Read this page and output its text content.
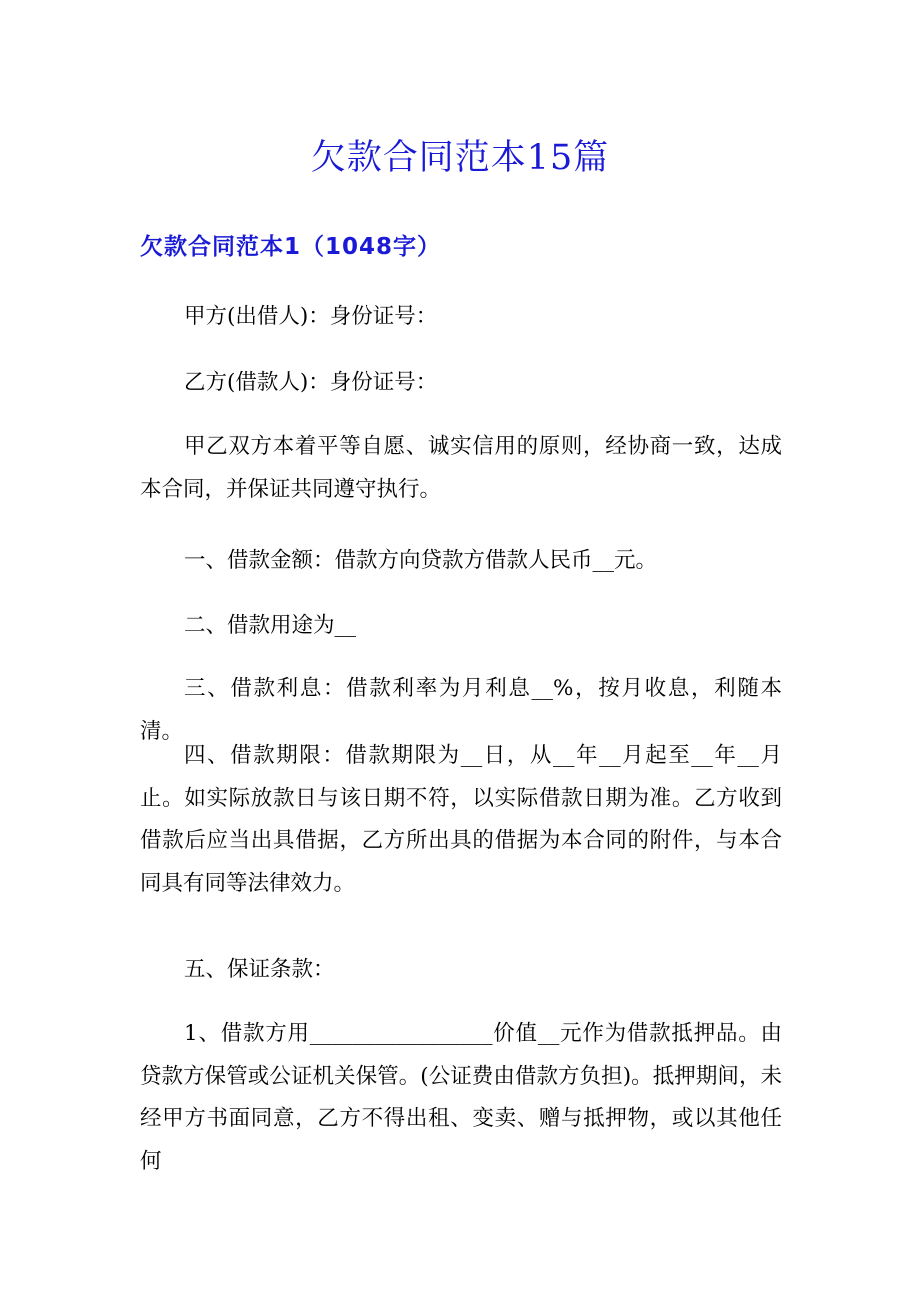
欠款合同范本15篇
欠款合同范本1（1048字）

甲方(出借人)：身份证号：

乙方(借款人)：身份证号：

甲乙双方本着平等自愿、诚实信用的原则，经协商一致，达成本合同，并保证共同遵守执行。

一、借款金额：借款方向贷款方借款人民币__元。

二、借款用途为__

三、借款利息：借款利率为月利息__%，按月收息，利随本清。

四、借款期限：借款期限为__日，从__年__月起至__年__月止。如实际放款日与该日期不符，以实际借款日期为准。乙方收到借款后应当出具借据，乙方所出具的借据为本合同的附件，与本合同具有同等法律效力。

五、保证条款：

1、借款方用_________________价值__元作为借款抵押品。由贷款方保管或公证机关保管。(公证费由借款方负担)。抵押期间，未经甲方书面同意，乙方不得出租、变卖、赠与抵押物，或以其他任何
